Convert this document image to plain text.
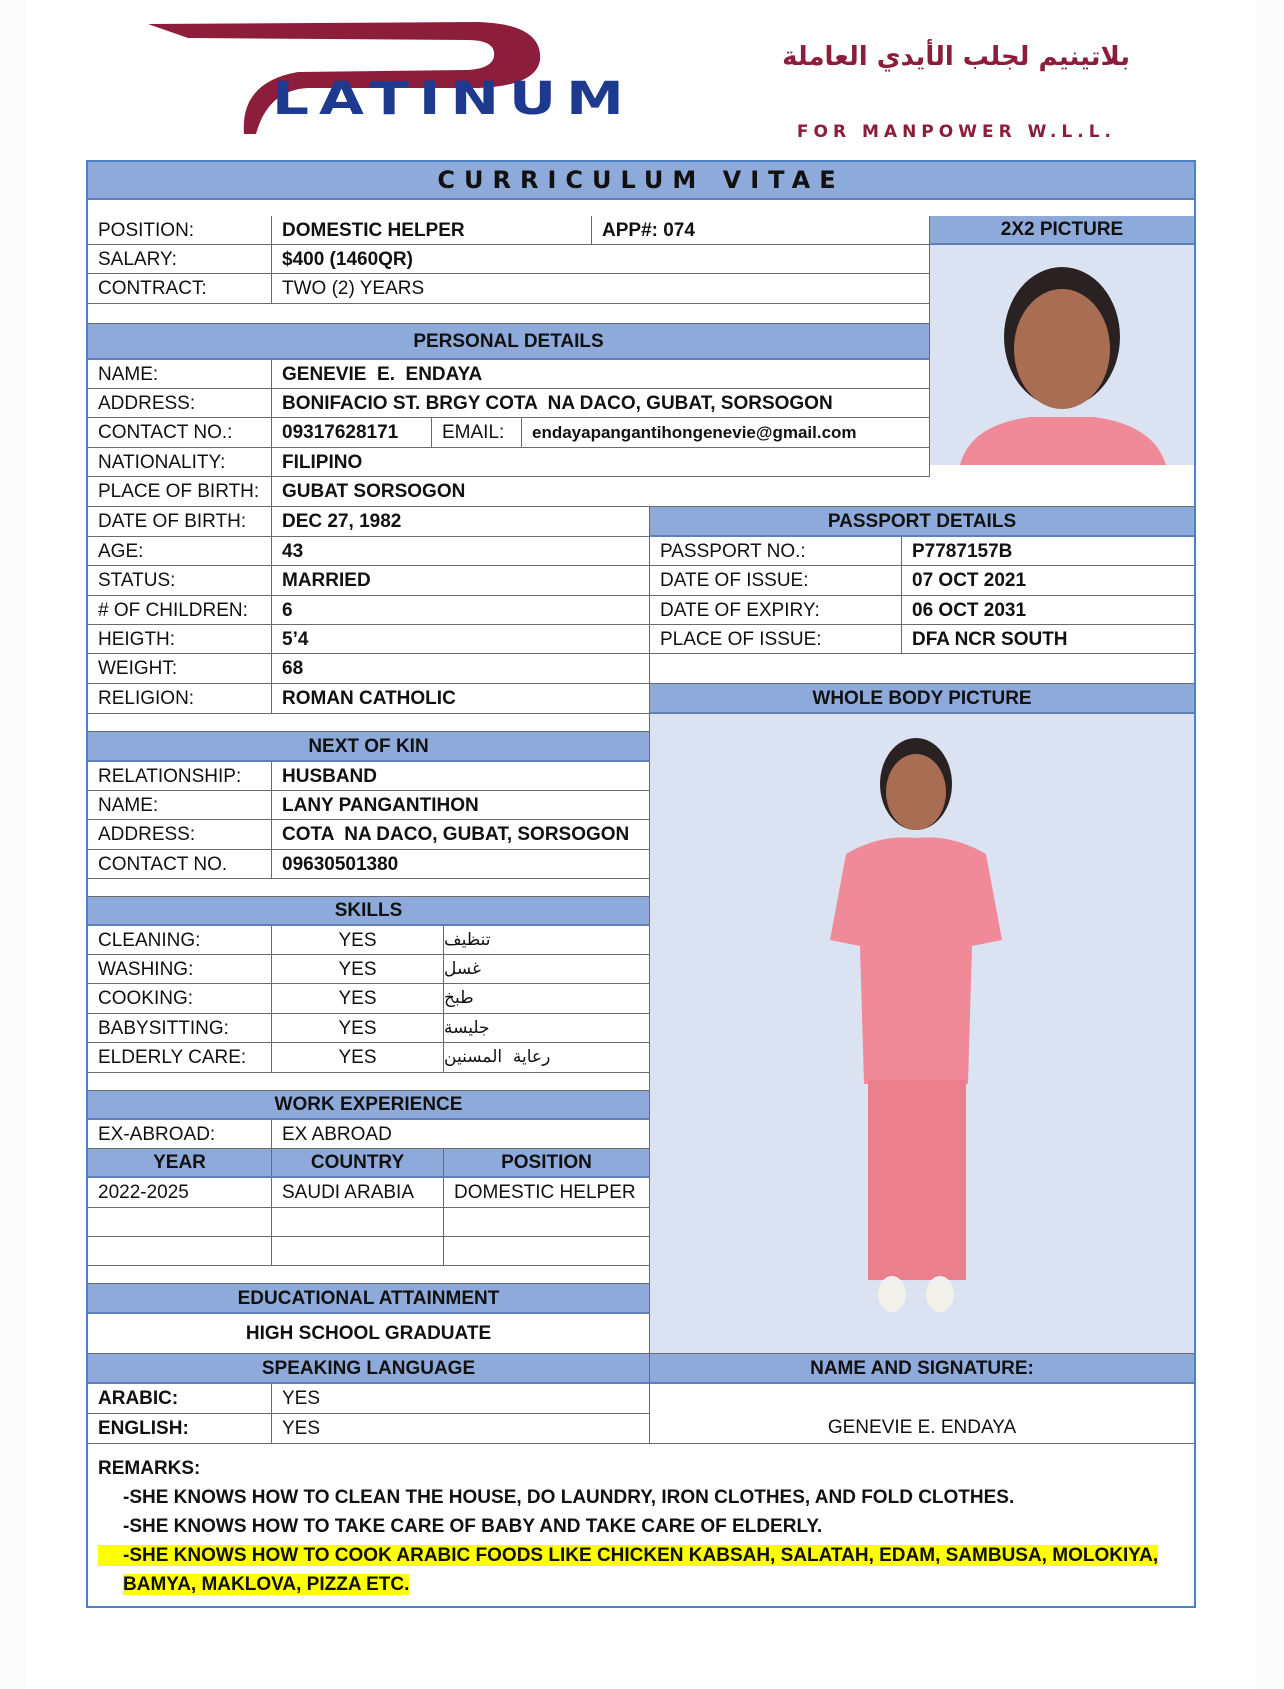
بلاتينيم لجلب الأيدي العاملة
LATINUM
FOR MANPOWER W.L.L.
CURRICULUM VITAE
POSITION:	DOMESTIC HELPER	APP#: 074	2X2 PICTURE
SALARY:	$400 (1460QR)
CONTRACT:	TWO (2) YEARS
PERSONAL DETAILS
NAME:	GENEVIE  E.  ENDAYA
ADDRESS:	BONIFACIO ST. BRGY COTA  NA DACO, GUBAT, SORSOGON
CONTACT NO.:	09317628171	EMAIL:	endayapangantihongenevie@gmail.com
NATIONALITY:	FILIPINO
PLACE OF BIRTH:	GUBAT SORSOGON
DATE OF BIRTH:	DEC 27, 1982
AGE:	43
STATUS:	MARRIED
# OF CHILDREN:	6
HEIGTH:	5’4
WEIGHT:	68
RELIGION:	ROMAN CATHOLIC
PASSPORT DETAILS
PASSPORT NO.:	P7787157B
DATE OF ISSUE:	07 OCT 2021
DATE OF EXPIRY:	06 OCT 2031
PLACE OF ISSUE:	DFA NCR SOUTH
WHOLE BODY PICTURE
NEXT OF KIN
RELATIONSHIP:	HUSBAND
NAME:	LANY PANGANTIHON
ADDRESS:	COTA  NA DACO, GUBAT, SORSOGON
CONTACT NO.	09630501380
SKILLS
CLEANING:	YES	تنظيف
WASHING:	YES	غسل
COOKING:	YES	طبخ
BABYSITTING:	YES	جليسة
ELDERLY CARE:	YES	رعاية  المسنين
WORK EXPERIENCE
EX-ABROAD:	EX ABROAD
YEAR	COUNTRY	POSITION
2022-2025	SAUDI ARABIA	DOMESTIC HELPER
EDUCATIONAL ATTAINMENT
HIGH SCHOOL GRADUATE
SPEAKING LANGUAGE	NAME AND SIGNATURE:
ARABIC:	YES
ENGLISH:	YES	GENEVIE E. ENDAYA
REMARKS:
-SHE KNOWS HOW TO CLEAN THE HOUSE, DO LAUNDRY, IRON CLOTHES, AND FOLD CLOTHES.
-SHE KNOWS HOW TO TAKE CARE OF BABY AND TAKE CARE OF ELDERLY.
-SHE KNOWS HOW TO COOK ARABIC FOODS LIKE CHICKEN KABSAH, SALATAH, EDAM, SAMBUSA, MOLOKIYA, BAMYA, MAKLOVA, PIZZA ETC.
